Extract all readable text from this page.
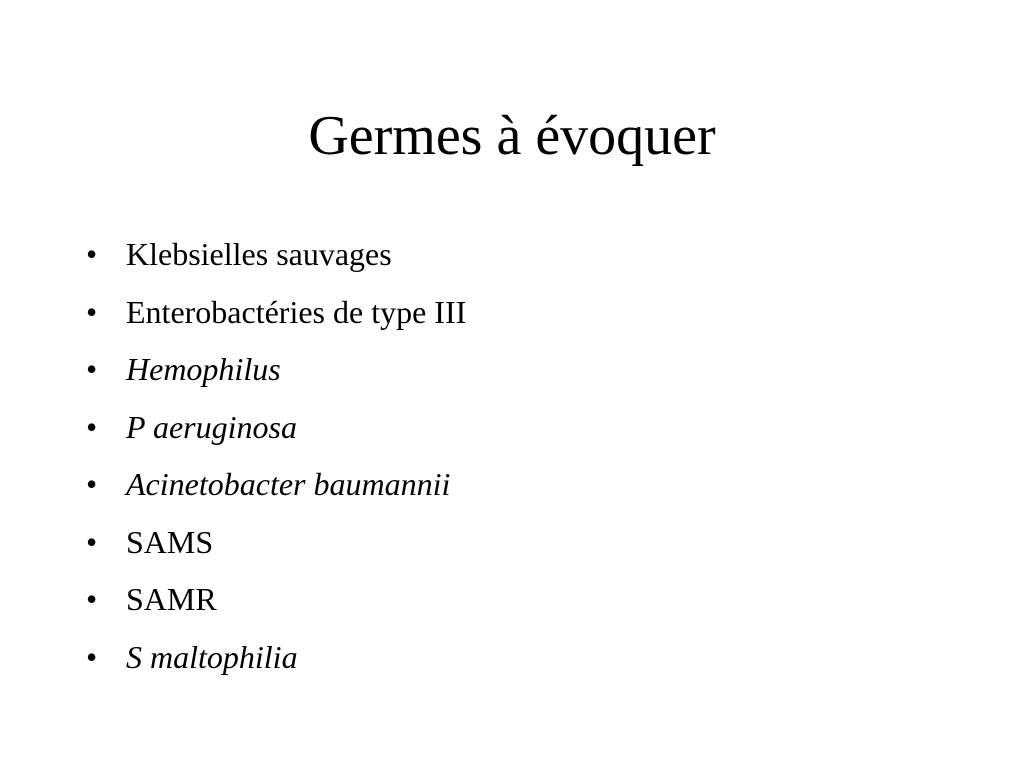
Germes à évoquer
• Klebsielles sauvages
• Enterobactéries de type III
• Hemophilus
• P aeruginosa
• Acinetobacter baumannii
• SAMS
• SAMR
• S maltophilia
